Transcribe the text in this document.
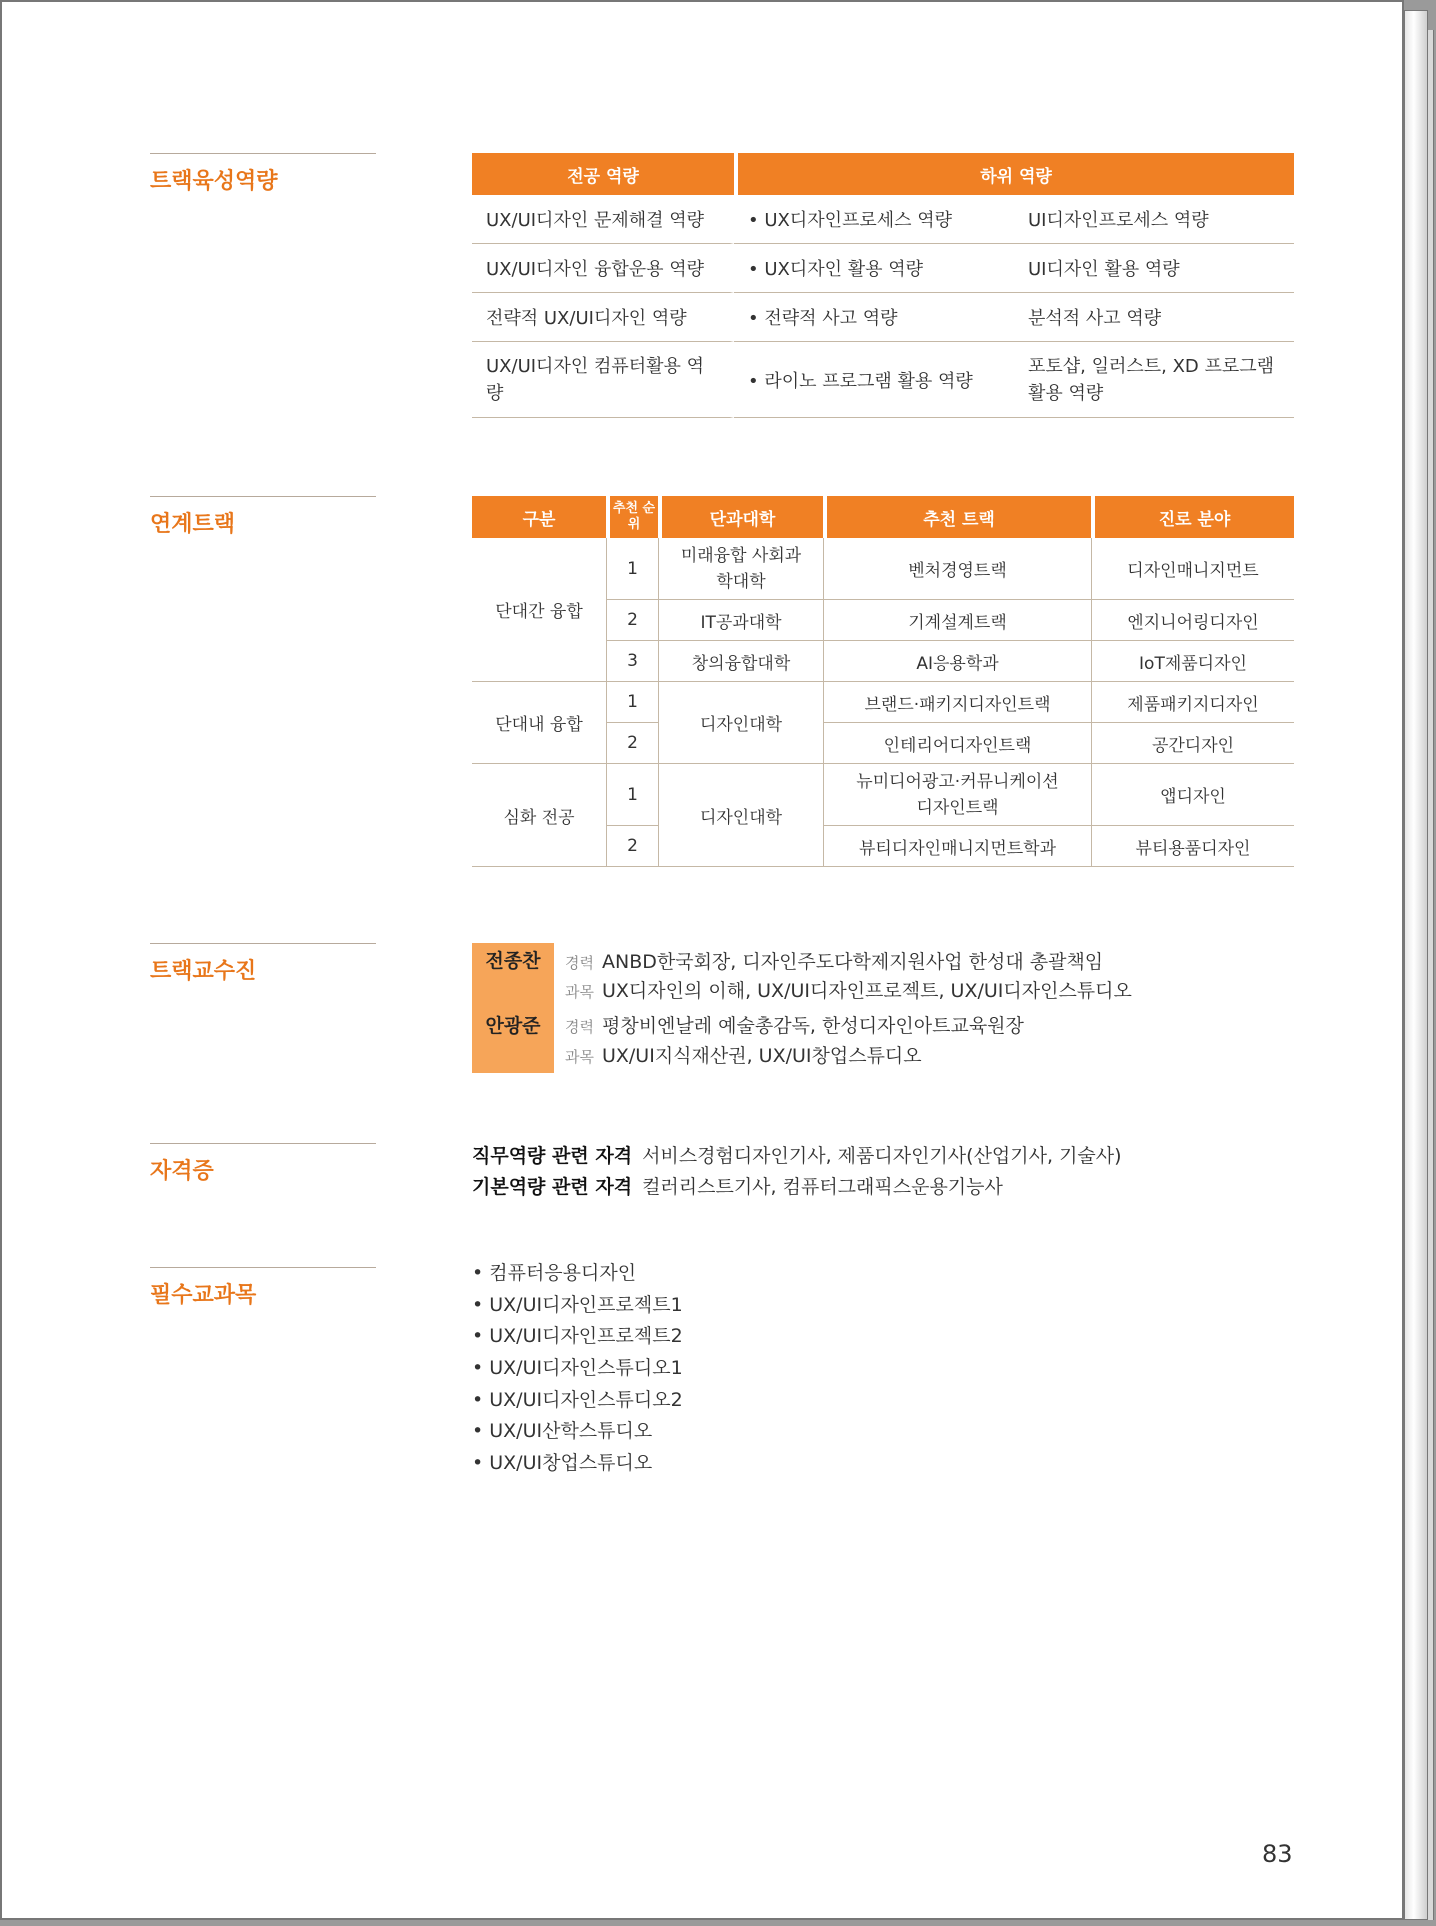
트랙육성역량	전공 역량	하위 역량	
UX/UI디자인 문제해결 역량	• UX디자인프로세스 역량	UI디자인프로세스 역량
UX/UI디자인 융합운용 역량	• UX디자인 활용 역량	UI디자인 활용 역량
전략적 UX/UI디자인 역량	• 전략적 사고 역량	분석적 사고 역량
UX/UI디자인 컴퓨터활용 역량	• 라이노 프로그램 활용 역량	포토샵, 일러스트, XD 프로그램 활용 역량
연계트랙	구분	추천 순위	단과대학	추천 트랙	진로 분야
단대간 융합	1	미래융합 사회과학대학	벤처경영트랙	디자인매니지먼트
	2	IT공과대학	기계설계트랙	엔지니어링디자인
	3	창의융합대학	AI응용학과	IoT제품디자인
단대내 융합	1	디자인대학	브랜드·패키지디자인트랙	제품패키지디자인
	2		인테리어디자인트랙	공간디자인
심화 전공	1	디자인대학	뉴미디어광고·커뮤니케이션 디자인트랙	앱디자인
	2		뷰티디자인매니지먼트학과	뷰티용품디자인
트랙교수진	전종찬	경력 ANBD한국회장, 디자인주도다학제지원사업 한성대 총괄책임
과목 UX디자인의 이해, UX/UI디자인프로젝트, UX/UI디자인스튜디오
안광준	경력 평창비엔날레 예술총감독, 한성디자인아트교육원장
과목 UX/UI지식재산권, UX/UI창업스튜디오
자격증
직무역량 관련 자격 서비스경험디자인기사, 제품디자인기사(산업기사, 기술사)
기본역량 관련 자격 컬러리스트기사, 컴퓨터그래픽스운용기능사
필수교과목
• 컴퓨터응용디자인
• UX/UI디자인프로젝트1
• UX/UI디자인프로젝트2
• UX/UI디자인스튜디오1
• UX/UI디자인스튜디오2
• UX/UI산학스튜디오
• UX/UI창업스튜디오
83
